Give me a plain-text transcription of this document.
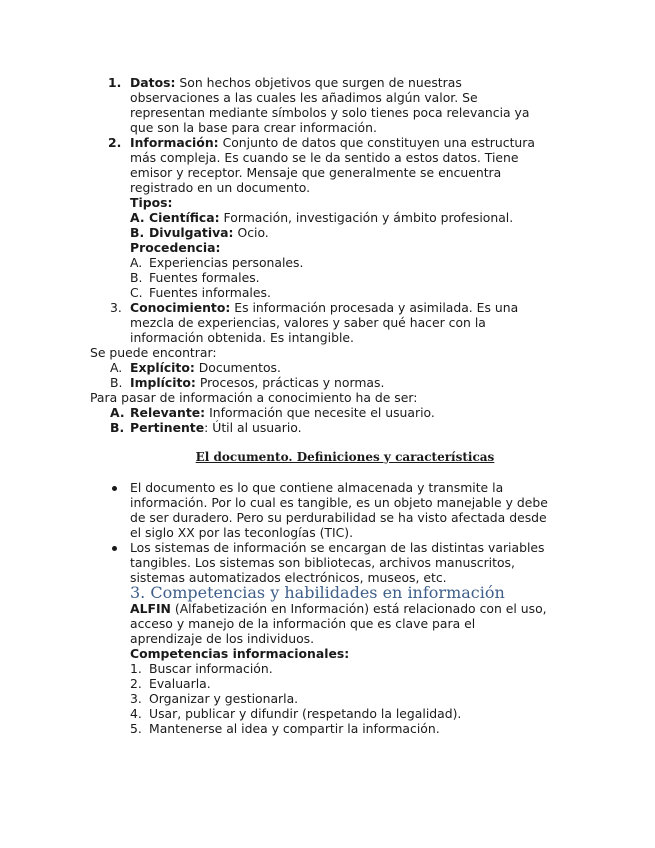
1. Datos: Son hechos objetivos que surgen de nuestras
observaciones a las cuales les añadimos algún valor. Se
representan mediante símbolos y solo tienes poca relevancia ya
que son la base para crear información.
2. Información: Conjunto de datos que constituyen una estructura
más compleja. Es cuando se le da sentido a estos datos. Tiene
emisor y receptor. Mensaje que generalmente se encuentra
registrado en un documento.
Tipos:
A. Científica: Formación, investigación y ámbito profesional.
B. Divulgativa: Ocio.
Procedencia:
A. Experiencias personales.
B. Fuentes formales.
C. Fuentes informales.
3. Conocimiento: Es información procesada y asimilada. Es una
mezcla de experiencias, valores y saber qué hacer con la
información obtenida. Es intangible.
Se puede encontrar:
A. Explícito: Documentos.
B. Implícito: Procesos, prácticas y normas.
Para pasar de información a conocimiento ha de ser:
A. Relevante: Información que necesite el usuario.
B. Pertinente: Útil al usuario.
El documento. Definiciones y características
El documento es lo que contiene almacenada y transmite la
información. Por lo cual es tangible, es un objeto manejable y debe
de ser duradero. Pero su perdurabilidad se ha visto afectada desde
el siglo XX por las teconlogías (TIC).
Los sistemas de información se encargan de las distintas variables
tangibles. Los sistemas son bibliotecas, archivos manuscritos,
sistemas automatizados electrónicos, museos, etc.
3. Competencias y habilidades en información
ALFIN (Alfabetización en Información) está relacionado con el uso,
acceso y manejo de la información que es clave para el
aprendizaje de los individuos.
Competencias informacionales:
1. Buscar información.
2. Evaluarla.
3. Organizar y gestionarla.
4. Usar, publicar y difundir (respetando la legalidad).
5. Mantenerse al idea y compartir la información.
